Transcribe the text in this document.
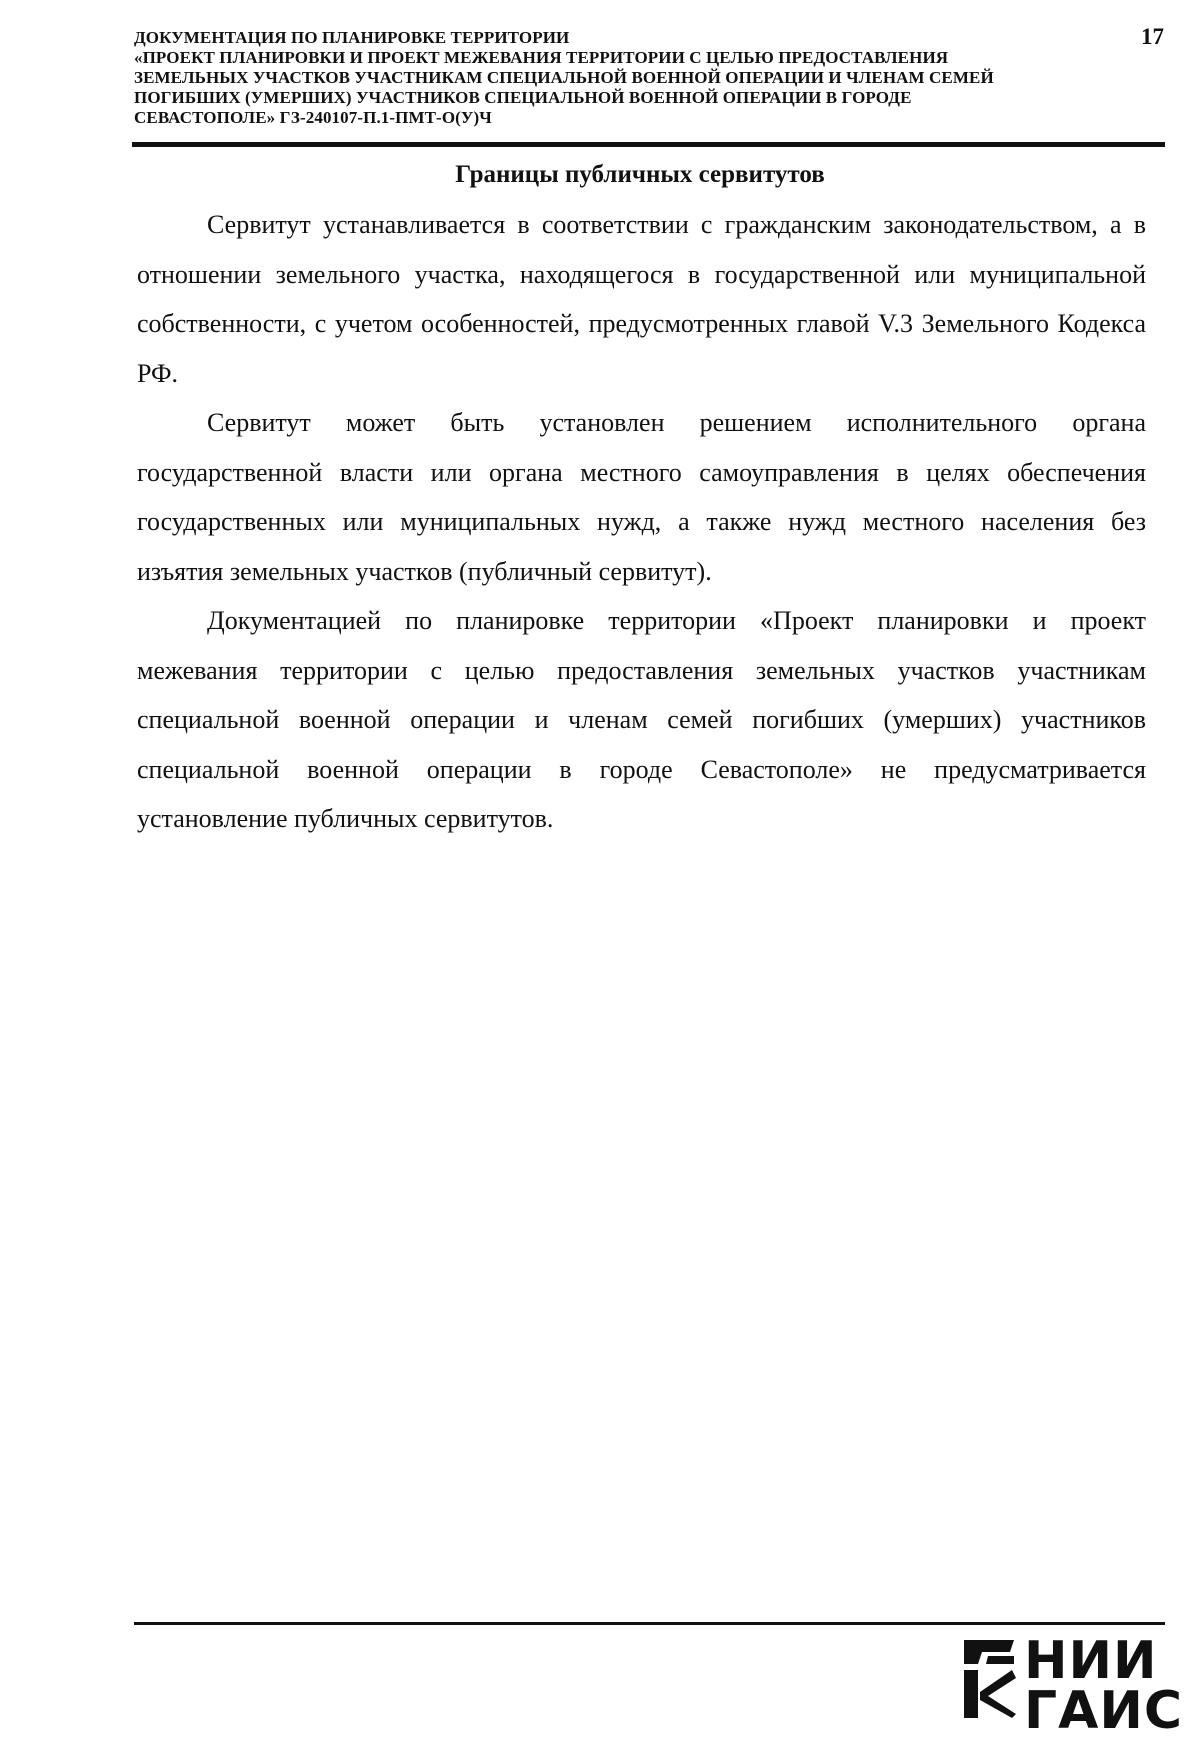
ДОКУМЕНТАЦИЯ ПО ПЛАНИРОВКЕ ТЕРРИТОРИИ
«ПРОЕКТ ПЛАНИРОВКИ И ПРОЕКТ МЕЖЕВАНИЯ ТЕРРИТОРИИ С ЦЕЛЬЮ ПРЕДОСТАВЛЕНИЯ
ЗЕМЕЛЬНЫХ УЧАСТКОВ УЧАСТНИКАМ СПЕЦИАЛЬНОЙ ВОЕННОЙ ОПЕРАЦИИ И ЧЛЕНАМ СЕМЕЙ
ПОГИБШИХ (УМЕРШИХ) УЧАСТНИКОВ СПЕЦИАЛЬНОЙ ВОЕННОЙ ОПЕРАЦИИ В ГОРОДЕ
СЕВАСТОПОЛЕ» ГЗ-240107-П.1-ПМТ-О(У)Ч
17
Границы публичных сервитутов

Сервитут устанавливается в соответствии с гражданским законодательством, а в отношении земельного участка, находящегося в государственной или муниципальной собственности, с учетом особенностей, предусмотренных главой V.3 Земельного Кодекса РФ.

Сервитут может быть установлен решением исполнительного органа государственной власти или органа местного самоуправления в целях обеспечения государственных или муниципальных нужд, а также нужд местного населения без изъятия земельных участков (публичный сервитут).

Документацией по планировке территории «Проект планировки и проект межевания территории с целью предоставления земельных участков участникам специальной военной операции и членам семей погибших (умерших) участников специальной военной операции в городе Севастополе» не предусматривается установление публичных сервитутов.

НИИ
ГАИС
